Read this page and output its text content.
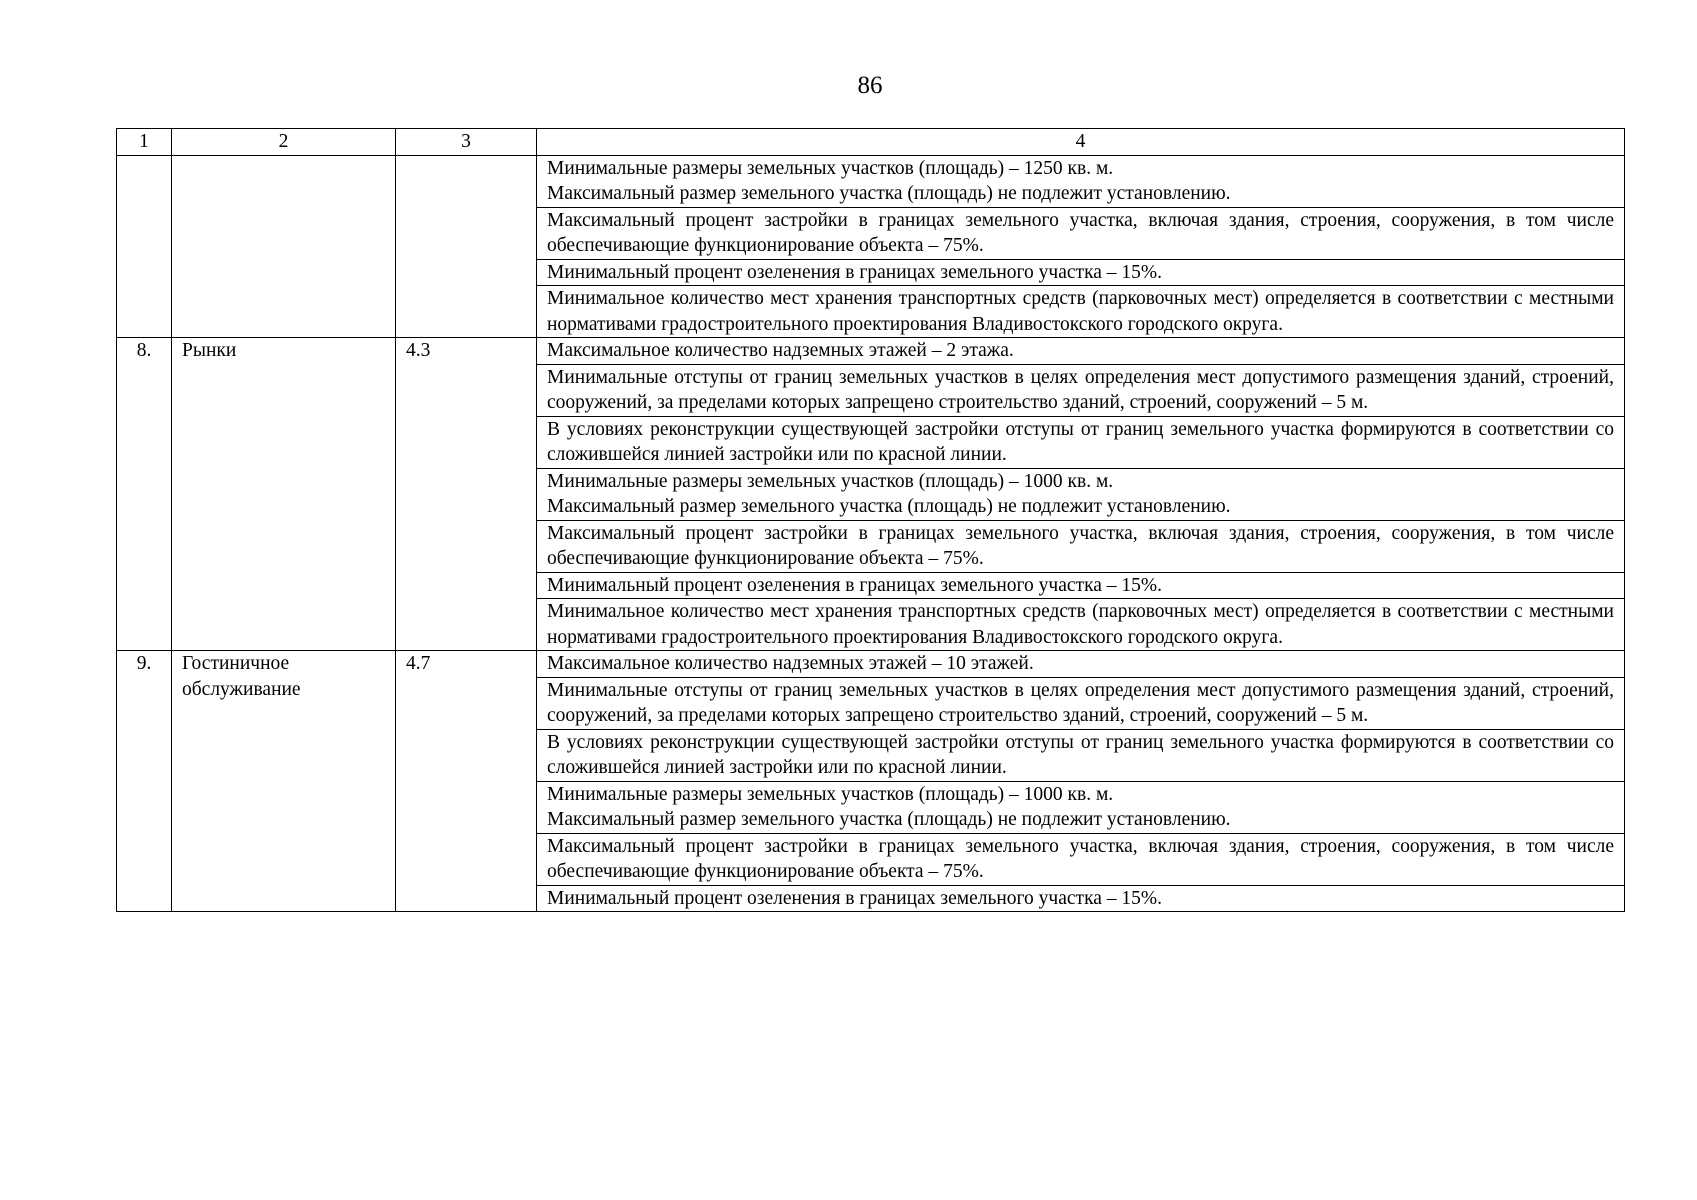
86
1	2	3	4

			Минимальные размеры земельных участков (площадь) – 1250 кв. м.
Максимальный размер земельного участка (площадь) не подлежит установлению.

			Максимальный процент застройки в границах земельного участка, включая здания, строения, сооружения, в том числе обеспечивающие функционирование объекта – 75%.

			Минимальный процент озеленения в границах земельного участка – 15%.

			Минимальное количество мест хранения транспортных средств (парковочных мест) определяется в соответствии с местными нормативами градостроительного проектирования Владивостокского городского округа.

8.	Рынки	4.3	Максимальное количество надземных этажей – 2 этажа.

			Минимальные отступы от границ земельных участков в целях определения мест допустимого размещения зданий, строений, сооружений, за пределами которых запрещено строительство зданий, строений, сооружений – 5 м.

			В условиях реконструкции существующей застройки отступы от границ земельного участка формируются в соответствии со сложившейся линией застройки или по красной линии.

			Минимальные размеры земельных участков (площадь) – 1000 кв. м.
Максимальный размер земельного участка (площадь) не подлежит установлению.

			Максимальный процент застройки в границах земельного участка, включая здания, строения, сооружения, в том числе обеспечивающие функционирование объекта – 75%.

			Минимальный процент озеленения в границах земельного участка – 15%.

			Минимальное количество мест хранения транспортных средств (парковочных мест) определяется в соответствии с местными нормативами градостроительного проектирования Владивостокского городского округа.

9.	Гостиничное обслуживание	4.7	Максимальное количество надземных этажей – 10 этажей.

			Минимальные отступы от границ земельных участков в целях определения мест допустимого размещения зданий, строений, сооружений, за пределами которых запрещено строительство зданий, строений, сооружений – 5 м.

			В условиях реконструкции существующей застройки отступы от границ земельного участка формируются в соответствии со сложившейся линией застройки или по красной линии.

			Минимальные размеры земельных участков (площадь) – 1000 кв. м.
Максимальный размер земельного участка (площадь) не подлежит установлению.

			Максимальный процент застройки в границах земельного участка, включая здания, строения, сооружения, в том числе обеспечивающие функционирование объекта – 75%.

			Минимальный процент озеленения в границах земельного участка – 15%.
